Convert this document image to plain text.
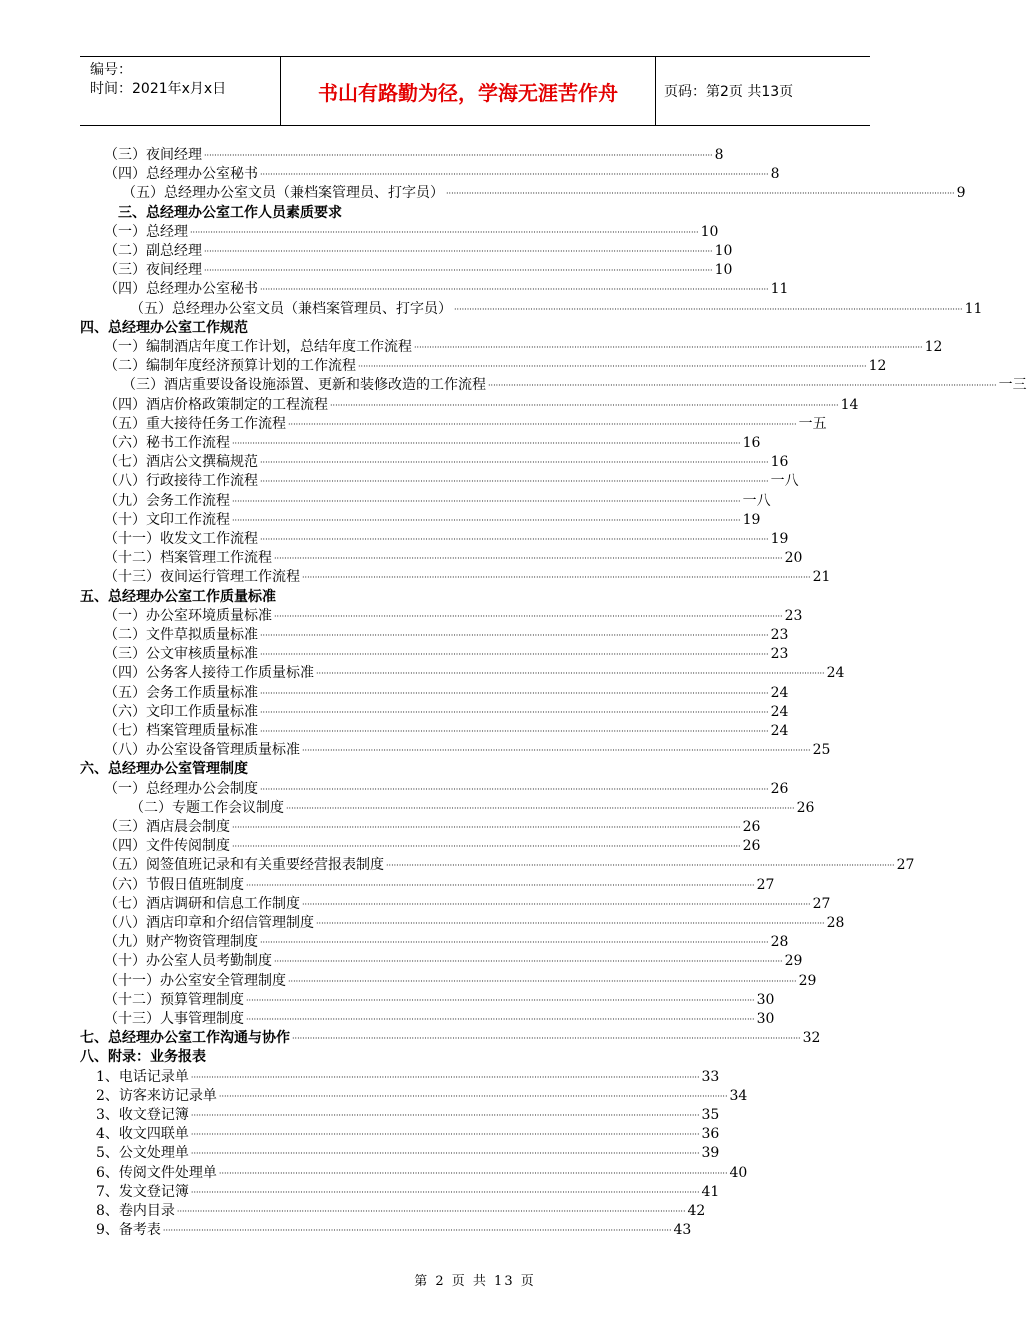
编号：
时间：2021年x月x日	书山有路勤为径，学海无涯苦作舟	页码：第2页 共13页
（三）夜间经理 ········································································································································································································ 8
（四）总经理办公室秘书 ········································································································································································································ 8
（五）总经理办公室文员（兼档案管理员、打字员） ········································································································································································································ 9
三、总经理办公室工作人员素质要求
（一）总经理 ········································································································································································································ 10
（二）副总经理 ········································································································································································································ 10
（三）夜间经理 ········································································································································································································ 10
（四）总经理办公室秘书 ········································································································································································································ 11
（五）总经理办公室文员（兼档案管理员、打字员） ········································································································································································································ 11
四、总经理办公室工作规范
（一）编制酒店年度工作计划，总结年度工作流程 ········································································································································································································ 12
（二）编制年度经济预算计划的工作流程 ········································································································································································································ 12
（三）酒店重要设备设施添置、更新和装修改造的工作流程 ········································································································································································································ 一三
（四）酒店价格政策制定的工程流程 ········································································································································································································ 14
（五）重大接待任务工作流程 ········································································································································································································ 一五
（六）秘书工作流程 ········································································································································································································ 16
（七）酒店公文撰稿规范 ········································································································································································································ 16
（八）行政接待工作流程 ········································································································································································································ 一八
（九）会务工作流程 ········································································································································································································ 一八
（十）文印工作流程 ········································································································································································································ 19
（十一）收发文工作流程 ········································································································································································································ 19
（十二）档案管理工作流程 ········································································································································································································ 20
（十三）夜间运行管理工作流程 ········································································································································································································ 21
五、总经理办公室工作质量标准
（一）办公室环境质量标准 ········································································································································································································ 23
（二）文件草拟质量标准 ········································································································································································································ 23
（三）公文审核质量标准 ········································································································································································································ 23
（四）公务客人接待工作质量标准 ········································································································································································································ 24
（五）会务工作质量标准 ········································································································································································································ 24
（六）文印工作质量标准 ········································································································································································································ 24
（七）档案管理质量标准 ········································································································································································································ 24
（八）办公室设备管理质量标准 ········································································································································································································ 25
六、总经理办公室管理制度
（一）总经理办公会制度 ········································································································································································································ 26
（二）专题工作会议制度 ········································································································································································································ 26
（三）酒店晨会制度 ········································································································································································································ 26
（四）文件传阅制度 ········································································································································································································ 26
（五）阅签值班记录和有关重要经营报表制度 ········································································································································································································ 27
（六）节假日值班制度 ········································································································································································································ 27
（七）酒店调研和信息工作制度 ········································································································································································································ 27
（八）酒店印章和介绍信管理制度 ········································································································································································································ 28
（九）财产物资管理制度 ········································································································································································································ 28
（十）办公室人员考勤制度 ········································································································································································································ 29
（十一）办公室安全管理制度 ········································································································································································································ 29
（十二）预算管理制度 ········································································································································································································ 30
（十三）人事管理制度 ········································································································································································································ 30
七、总经理办公室工作沟通与协作 ········································································································································································································ 32
八、附录：业务报表
1、电话记录单 ········································································································································································································ 33
2、访客来访记录单 ········································································································································································································ 34
3、收文登记簿 ········································································································································································································ 35
4、收文四联单 ········································································································································································································ 36
5、公文处理单 ········································································································································································································ 39
6、传阅文件处理单 ········································································································································································································ 40
7、发文登记簿 ········································································································································································································ 41
8、卷内目录 ········································································································································································································ 42
9、备考表 ········································································································································································································ 43
第 2 页 共 13 页
